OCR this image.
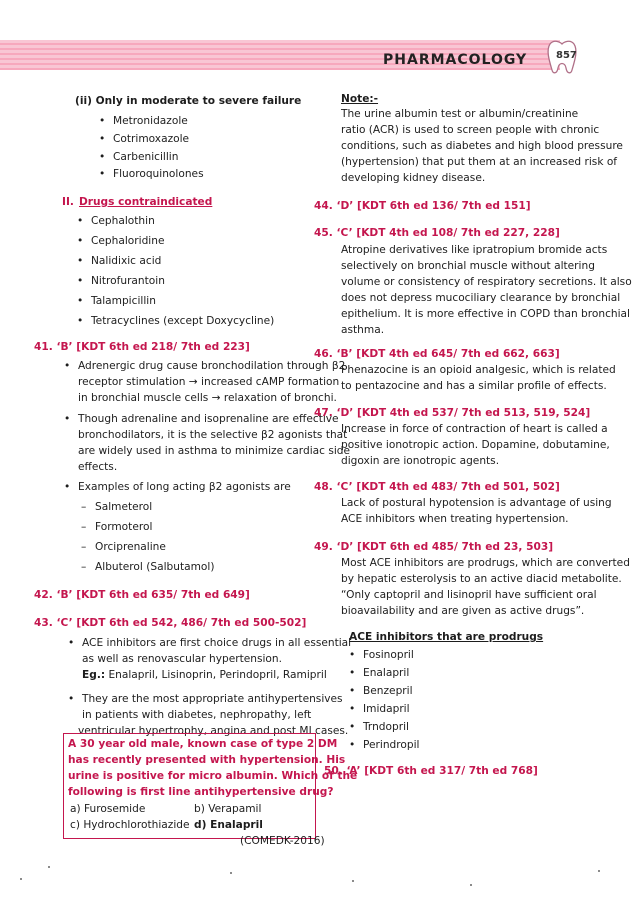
PHARMACOLOGY	857
(ii) Only in moderate to severe failure
• Metronidazole
• Cotrimoxazole
• Carbenicillin
• Fluoroquinolones
II. Drugs contraindicated
• Cephalothin
• Cephaloridine
• Nalidixic acid
• Nitrofurantoin
• Talampicillin
• Tetracyclines (except Doxycycline)
41. ‘B’ [KDT 6th ed 218/ 7th ed 223]
• Adrenergic drug cause bronchodilation through β2
receptor stimulation → increased cAMP formation
in bronchial muscle cells → relaxation of bronchi.
• Though adrenaline and isoprenaline are effective
bronchodilators, it is the selective β2 agonists that
are widely used in asthma to minimize cardiac side
effects.
• Examples of long acting β2 agonists are
– Salmeterol
– Formoterol
– Orciprenaline
– Albuterol (Salbutamol)
42. ‘B’ [KDT 6th ed 635/ 7th ed 649]
43. ‘C’ [KDT 6th ed 542, 486/ 7th ed 500-502]
• ACE inhibitors are first choice drugs in all essential
as well as renovascular hypertension.
Eg.: Enalapril, Lisinoprin, Perindopril, Ramipril
• They are the most appropriate antihypertensives
in patients with diabetes, nephropathy, left
ventricular hypertrophy, angina and post MI cases.
A 30 year old male, known case of type 2 DM
has recently presented with hypertension. His
urine is positive for micro albumin. Which of the
following is first line antihypertensive drug?
a) Furosemide	b) Verapamil
c) Hydrochlorothiazide d) Enalapril
(COMEDK-2016)
Note:-
The urine albumin test or albumin/creatinine
ratio (ACR) is used to screen people with chronic
conditions, such as diabetes and high blood pressure
(hypertension) that put them at an increased risk of
developing kidney disease.
44. ‘D’ [KDT 6th ed 136/ 7th ed 151]
45. ‘C’ [KDT 4th ed 108/ 7th ed 227, 228]
Atropine derivatives like ipratropium bromide acts
selectively on bronchial muscle without altering
volume or consistency of respiratory secretions. It also
does not depress mucociliary clearance by bronchial
epithelium. It is more effective in COPD than bronchial
asthma.
46. ‘B’ [KDT 4th ed 645/ 7th ed 662, 663]
Phenazocine is an opioid analgesic, which is related
to pentazocine and has a similar profile of effects.
47. ‘D’ [KDT 4th ed 537/ 7th ed 513, 519, 524]
Increase in force of contraction of heart is called a
positive ionotropic action. Dopamine, dobutamine,
digoxin are ionotropic agents.
48. ‘C’ [KDT 4th ed 483/ 7th ed 501, 502]
Lack of postural hypotension is advantage of using
ACE inhibitors when treating hypertension.
49. ‘D’ [KDT 6th ed 485/ 7th ed 23, 503]
Most ACE inhibitors are prodrugs, which are converted
by hepatic esterolysis to an active diacid metabolite.
“Only captopril and lisinopril have sufficient oral
bioavailability and are given as active drugs”.
ACE inhibitors that are prodrugs
• Fosinopril
• Enalapril
• Benzepril
• Imidapril
• Trndopril
• Perindropil
50. ‘A’ [KDT 6th ed 317/ 7th ed 768]
